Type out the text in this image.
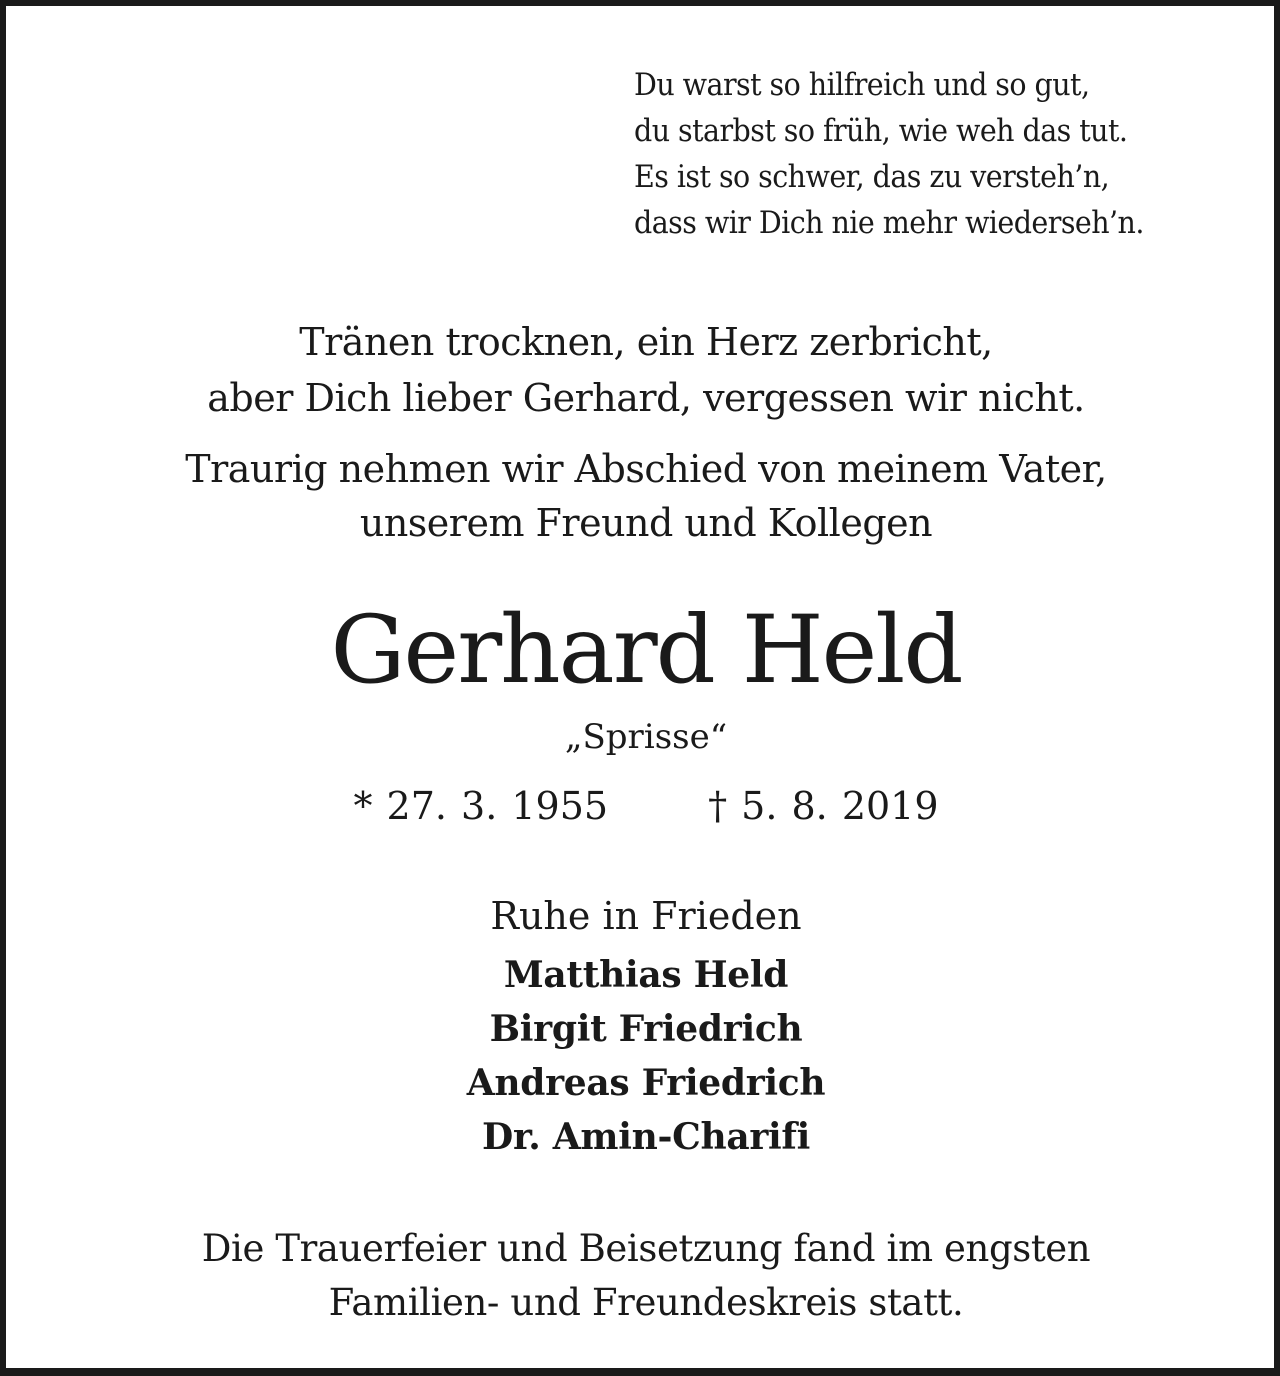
Du warst so hilfreich und so gut,
du starbst so früh, wie weh das tut.
Es ist so schwer, das zu versteh’n,
dass wir Dich nie mehr wiederseh’n.
Tränen trocknen, ein Herz zerbricht,
aber Dich lieber Gerhard, vergessen wir nicht.
Traurig nehmen wir Abschied von meinem Vater,
unserem Freund und Kollegen
Gerhard Held
„Sprisse“
* 27. 3. 1955	† 5. 8. 2019
Ruhe in Frieden
Matthias Held
Birgit Friedrich
Andreas Friedrich
Dr. Amin-Charifi
Die Trauerfeier und Beisetzung fand im engsten
Familien- und Freundeskreis statt.
